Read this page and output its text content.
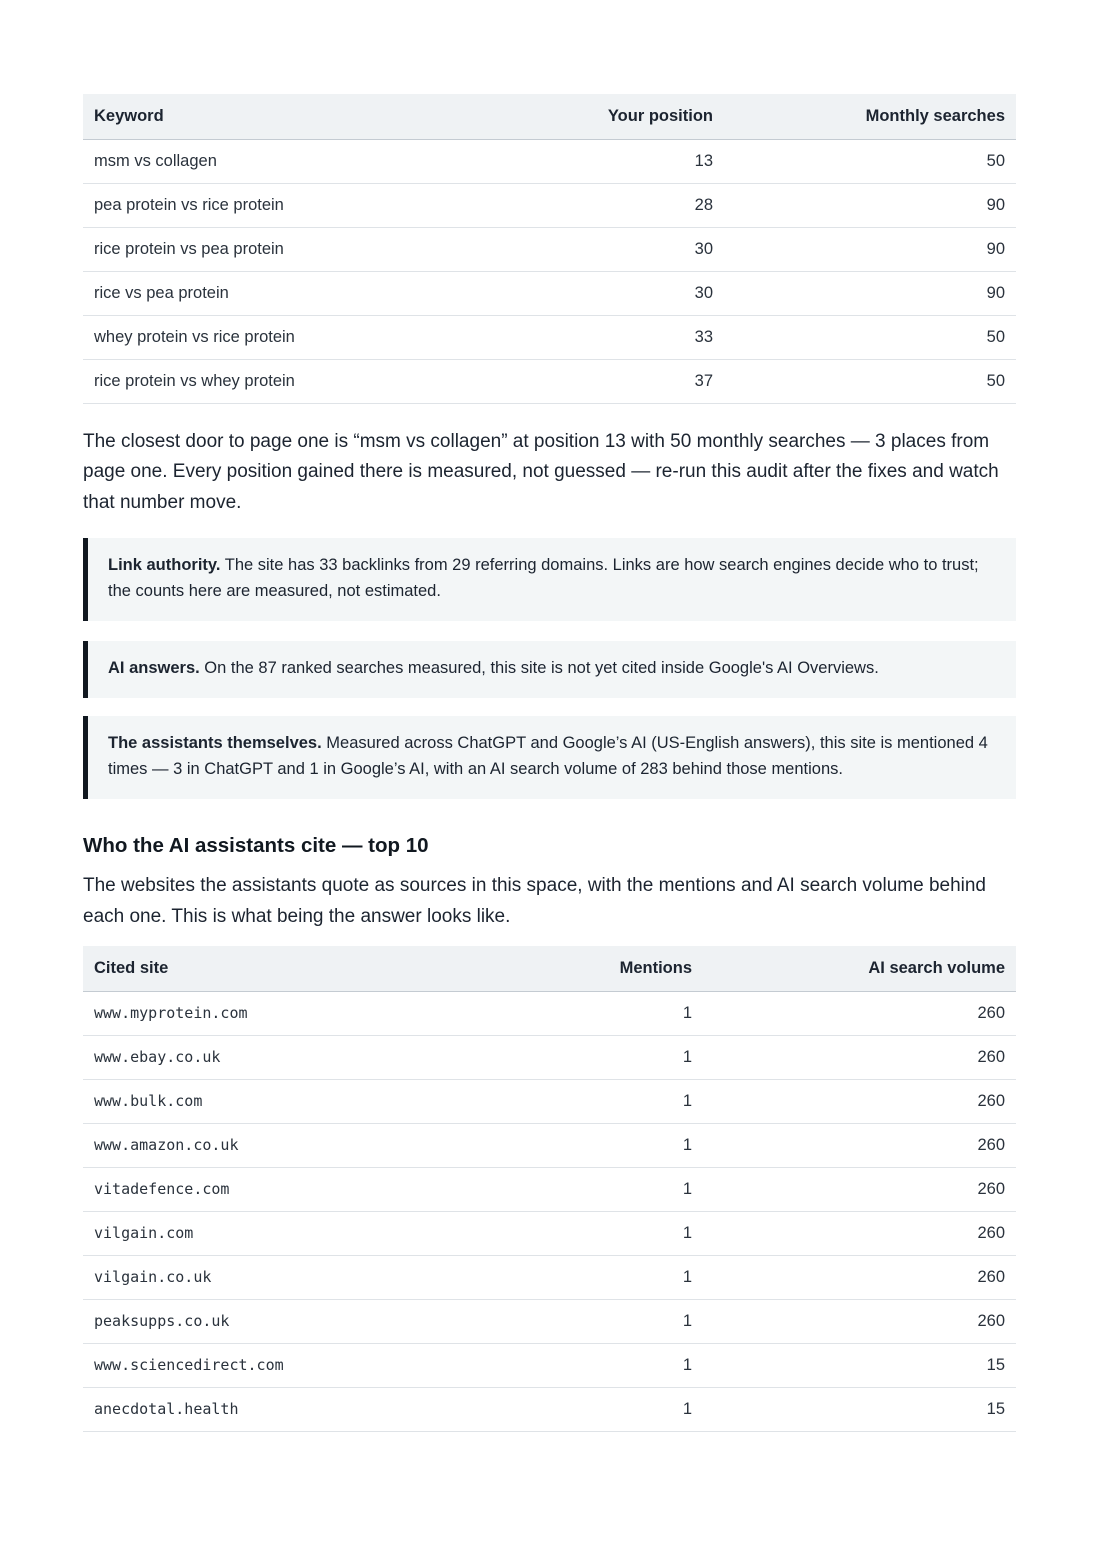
Keyword	Your position	Monthly searches
msm vs collagen	13	50
pea protein vs rice protein	28	90
rice protein vs pea protein	30	90
rice vs pea protein	30	90
whey protein vs rice protein	33	50
rice protein vs whey protein	37	50

The closest door to page one is “msm vs collagen” at position 13 with 50 monthly searches — 3 places from page one. Every position gained there is measured, not guessed — re-run this audit after the fixes and watch that number move.

Link authority. The site has 33 backlinks from 29 referring domains. Links are how search engines decide who to trust; the counts here are measured, not estimated.
AI answers. On the 87 ranked searches measured, this site is not yet cited inside Google's AI Overviews.
The assistants themselves. Measured across ChatGPT and Google’s AI (US-English answers), this site is mentioned 4 times — 3 in ChatGPT and 1 in Google’s AI, with an AI search volume of 283 behind those mentions.
Who the AI assistants cite — top 10

The websites the assistants quote as sources in this space, with the mentions and AI search volume behind each one. This is what being the answer looks like.

Cited site	Mentions	AI search volume
www.myprotein.com	1	260
www.ebay.co.uk	1	260
www.bulk.com	1	260
www.amazon.co.uk	1	260
vitadefence.com	1	260
vilgain.com	1	260
vilgain.co.uk	1	260
peaksupps.co.uk	1	260
www.sciencedirect.com	1	15
anecdotal.health	1	15
